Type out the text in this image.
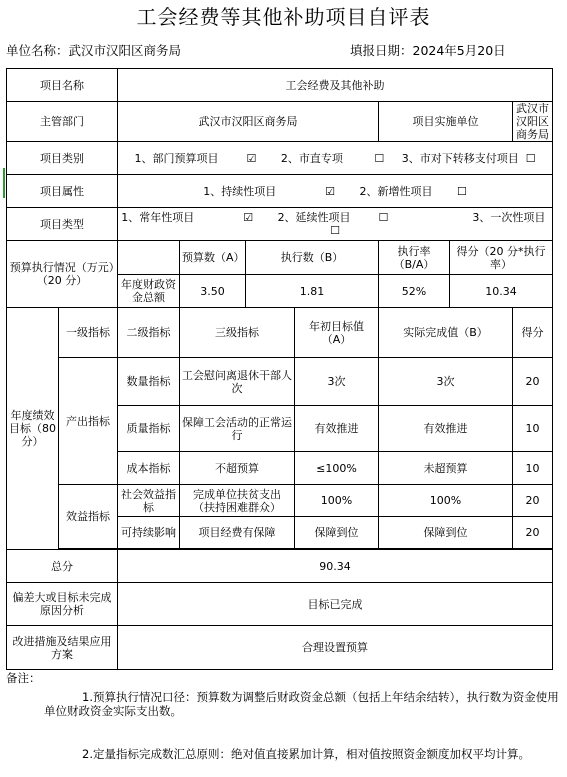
工会经费等其他补助项目自评表
单位名称：武汉市汉阳区商务局	填报日期：2024年5月20日
项目名称		工会经费及其他补助						
主管部门		武汉市汉阳区商务局				项目实施单位		武汉市汉阳区商务局
项目类别		1、部门预算项目 ☑ 2、市直专项 ☐ 3、市对下转移支付项目 ☐						
项目属性		1、持续性项目 ☑ 2、新增性项目 ☐						
项目类型		1、常年性项目 ☑ 2、延续性项目 ☐ 3、一次性项目 ☐						
预算执行情况（万元）（20 分）			预算数（A）	执行数（B）		执行率（B/A）	得分（20 分*执行率）	
		年度财政资金总额	3.50	1.81		52%	10.34	
年度绩效目标（80分）	一级指标	二级指标	三级指标		年初目标值（A）	实际完成值（B）		得分
	产出指标	数量指标	工会慰问离退休干部人次		3次	3次		20
		质量指标	保障工会活动的正常运行		有效推进	有效推进		10
		成本指标	不超预算		≤100%	未超预算		10
	效益指标	社会效益指标	完成单位扶贫支出 （扶持困难群众）		100%	100%		20
		可持续影响	项目经费有保障		保障到位	保障到位		20

总分		90.34						
偏差大或目标未完成原因分析		目标已完成						
改进措施及结果应用方案		合理设置预算						
备注：
1.预算执行情况口径：预算数为调整后财政资金总额（包括上年结余结转），执行数为资金使用单位财政资金实际支出数。
2.定量指标完成数汇总原则：绝对值直接累加计算，相对值按照资金额度加权平均计算。
